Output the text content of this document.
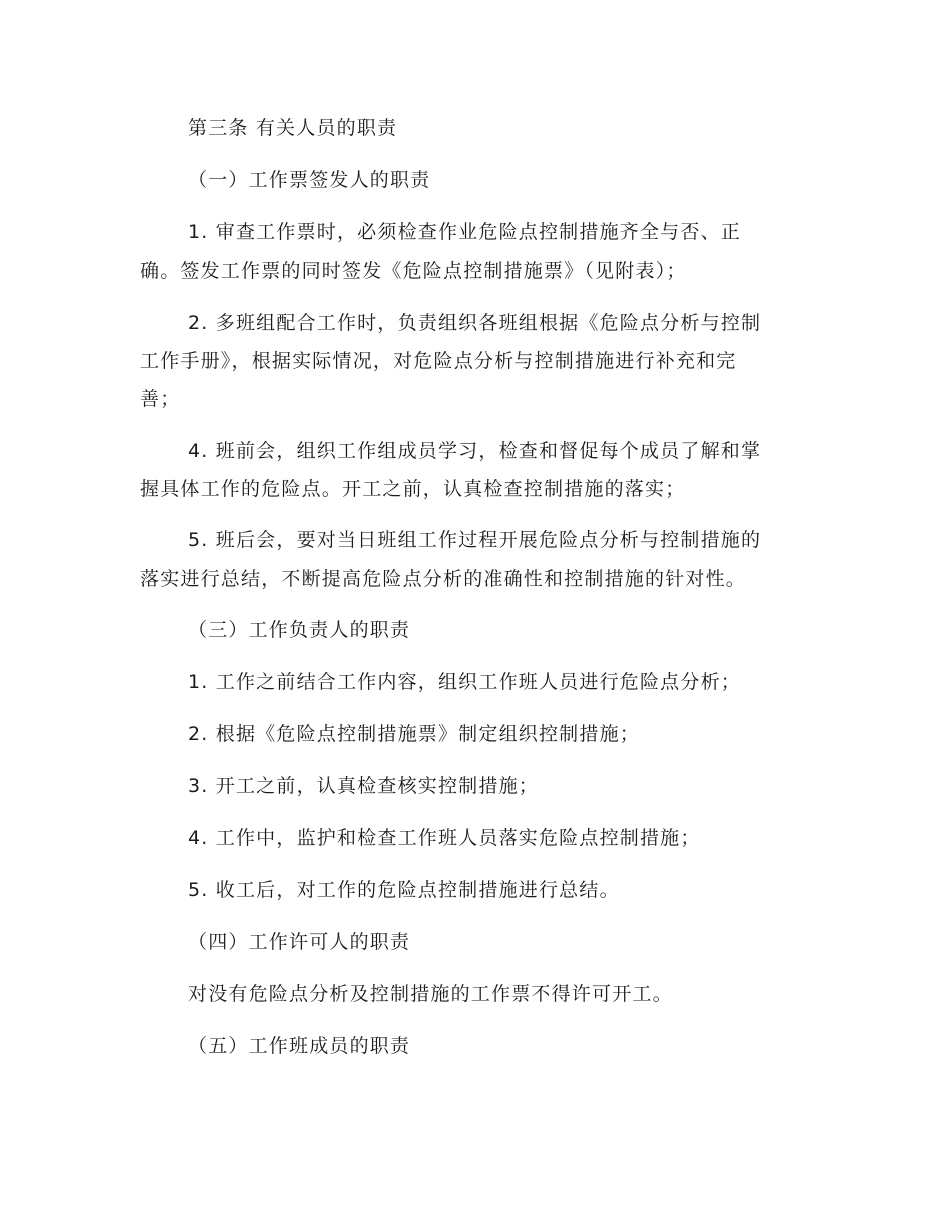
第三条 有关人员的职责
（一）工作票签发人的职责
1. 审查工作票时，必须检查作业危险点控制措施齐全与否、正
确。签发工作票的同时签发《危险点控制措施票》（见附表）；
2. 多班组配合工作时，负责组织各班组根据《危险点分析与控制
工作手册》，根据实际情况，对危险点分析与控制措施进行补充和完
善；
4. 班前会，组织工作组成员学习，检查和督促每个成员了解和掌
握具体工作的危险点。开工之前，认真检查控制措施的落实；
5. 班后会，要对当日班组工作过程开展危险点分析与控制措施的
落实进行总结，不断提高危险点分析的准确性和控制措施的针对性。
（三）工作负责人的职责
1. 工作之前结合工作内容，组织工作班人员进行危险点分析；
2. 根据《危险点控制措施票》制定组织控制措施；
3. 开工之前，认真检查核实控制措施；
4. 工作中，监护和检查工作班人员落实危险点控制措施；
5. 收工后，对工作的危险点控制措施进行总结。
（四）工作许可人的职责
对没有危险点分析及控制措施的工作票不得许可开工。
（五）工作班成员的职责
